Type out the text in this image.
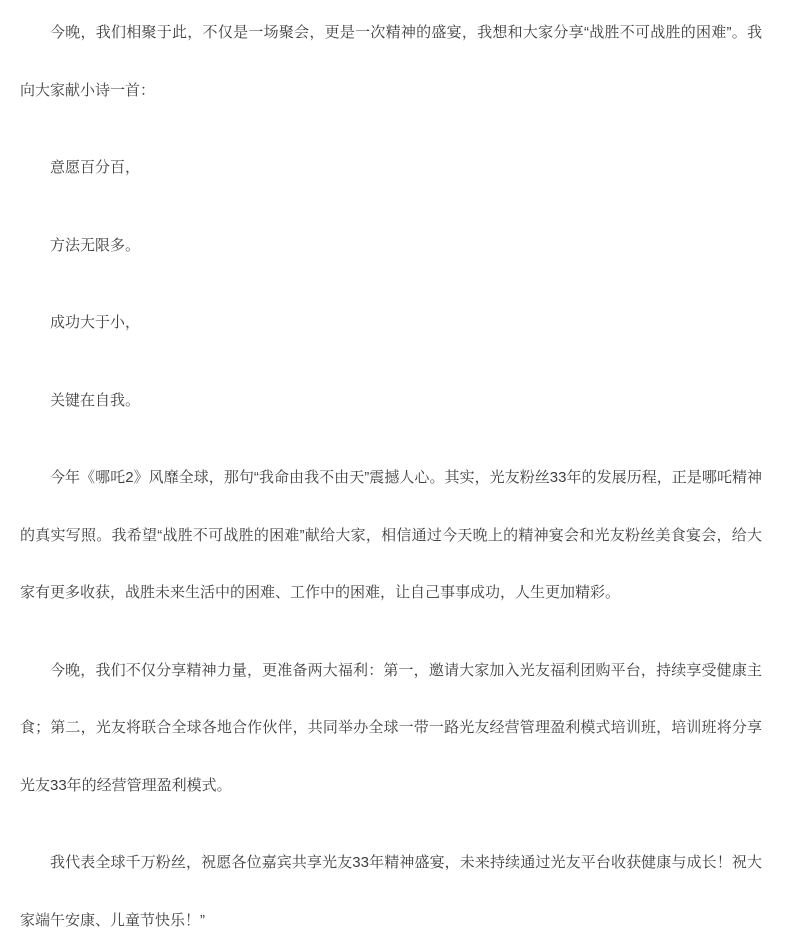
今晚，我们相聚于此，不仅是一场聚会，更是一次精神的盛宴，我想和大家分享“战胜不可战胜的困难”。我向大家献小诗一首：

意愿百分百，

方法无限多。

成功大于小，

关键在自我。

今年《哪吒2》风靡全球，那句“我命由我不由天”震撼人心。其实，光友粉丝33年的发展历程，正是哪吒精神的真实写照。我希望“战胜不可战胜的困难”献给大家，相信通过今天晚上的精神宴会和光友粉丝美食宴会，给大家有更多收获，战胜未来生活中的困难、工作中的困难，让自己事事成功，人生更加精彩。

今晚，我们不仅分享精神力量，更准备两大福利：第一，邀请大家加入光友福利团购平台，持续享受健康主食；第二，光友将联合全球各地合作伙伴，共同举办全球一带一路光友经营管理盈利模式培训班，培训班将分享光友33年的经营管理盈利模式。

我代表全球千万粉丝，祝愿各位嘉宾共享光友33年精神盛宴，未来持续通过光友平台收获健康与成长！祝大家端午安康、儿童节快乐！”
